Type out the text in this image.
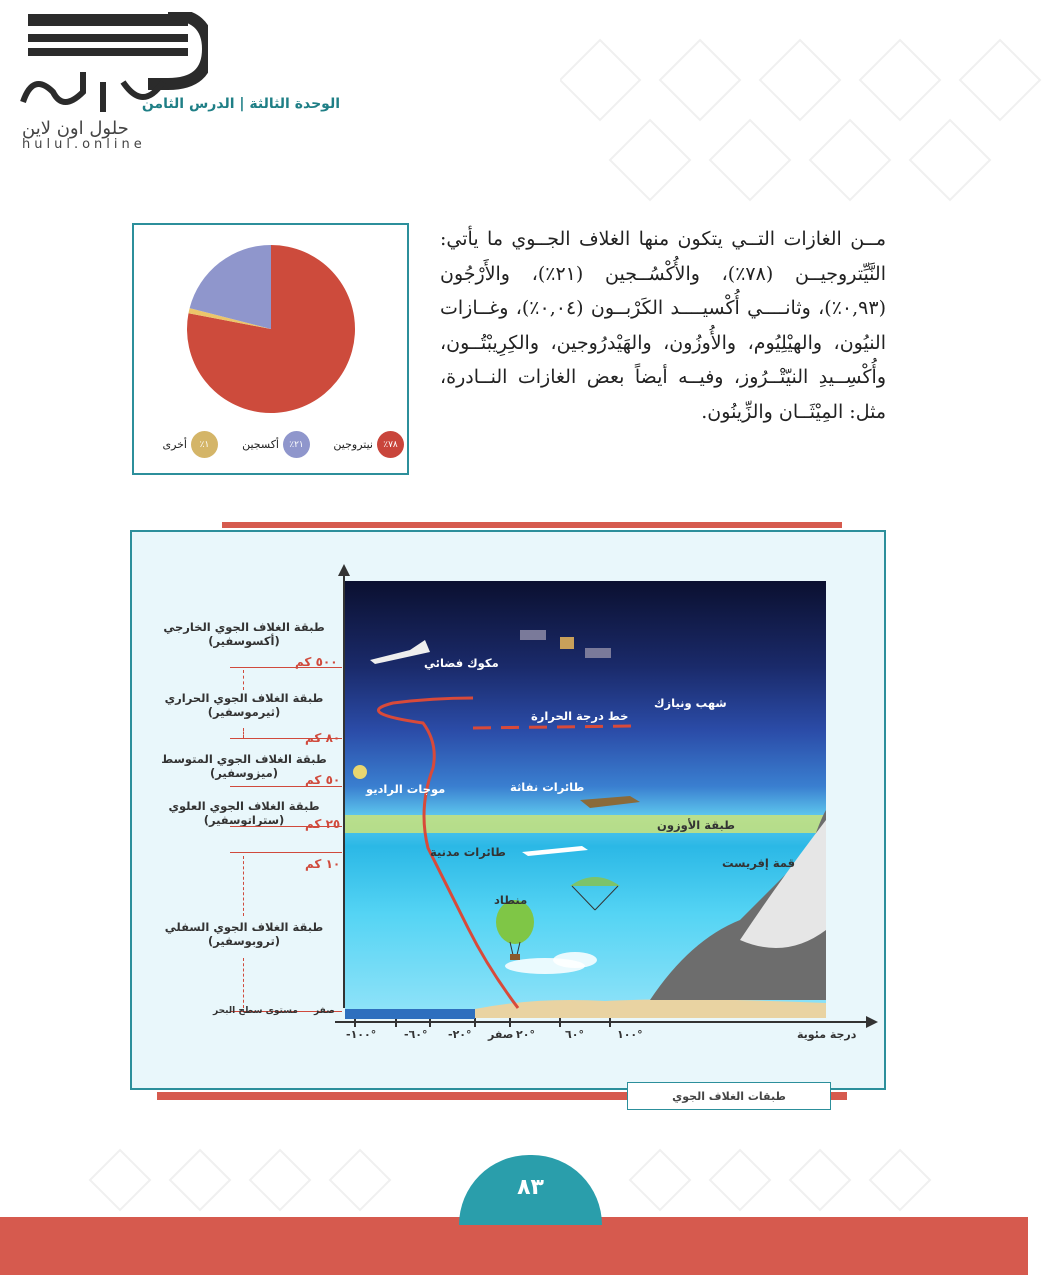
حلول اون لاين
hulul.online
الوحدة الثالثة | الدرس الثامن
٧٨٪
نيتروجين
٢١٪
أكسجين
١٪
أخرى
مــن الغازات التــي يتكون منها الغلاف الجــوي ما يأتي: النَّيِّتروجيــن (٧٨٪)، والأُكْسُــجين (٢١٪)، والأَرْجُون (٠,٩٣٪)، وثانــــي أُكْسيــــد الكَرْبــون (٠,٠٤٪)، وغــازات النيُون، والهيْلِيُوم، والأُوزُون، والهَيْدرُوجين، والكِرِيبْتُــون، وأُكْسِــيدِ النيّتْــرُوز، وفيــه أيضاً بعض الغازات النــادرة، مثل: المِيْثَــان والزِّينُون.
طبقة الغلاف الجوي الخارجي
(أكسوسفير)
طبقة الغلاف الجوي الحراري
(ثيرموسفير)
طبقة الغلاف الجوي المتوسط
(ميزوسفير)
طبقة الغلاف الجوي العلوي
(ستراتوسفير)
طبقة الغلاف الجوي السفلي
(تروبوسفير)
٥٠٠ كم
٨٠ كم
٥٠ كم
٢٥ كم
١٠ كم
مستوى سطح البحر صفر
مكوك فضائي
شهب ونيازك
خط درجة الحرارة
موجات الراديو	طائرات نفاثة
طبقة الأوزون
طائرات مدنية
قمة إفريست
منطاد
-١٠٠°	-٦٠° -٢٠° صفر ٢٠°	٦٠°	١٠٠°	درجة مئوية
طبقات الغلاف الجوي
٨٣
